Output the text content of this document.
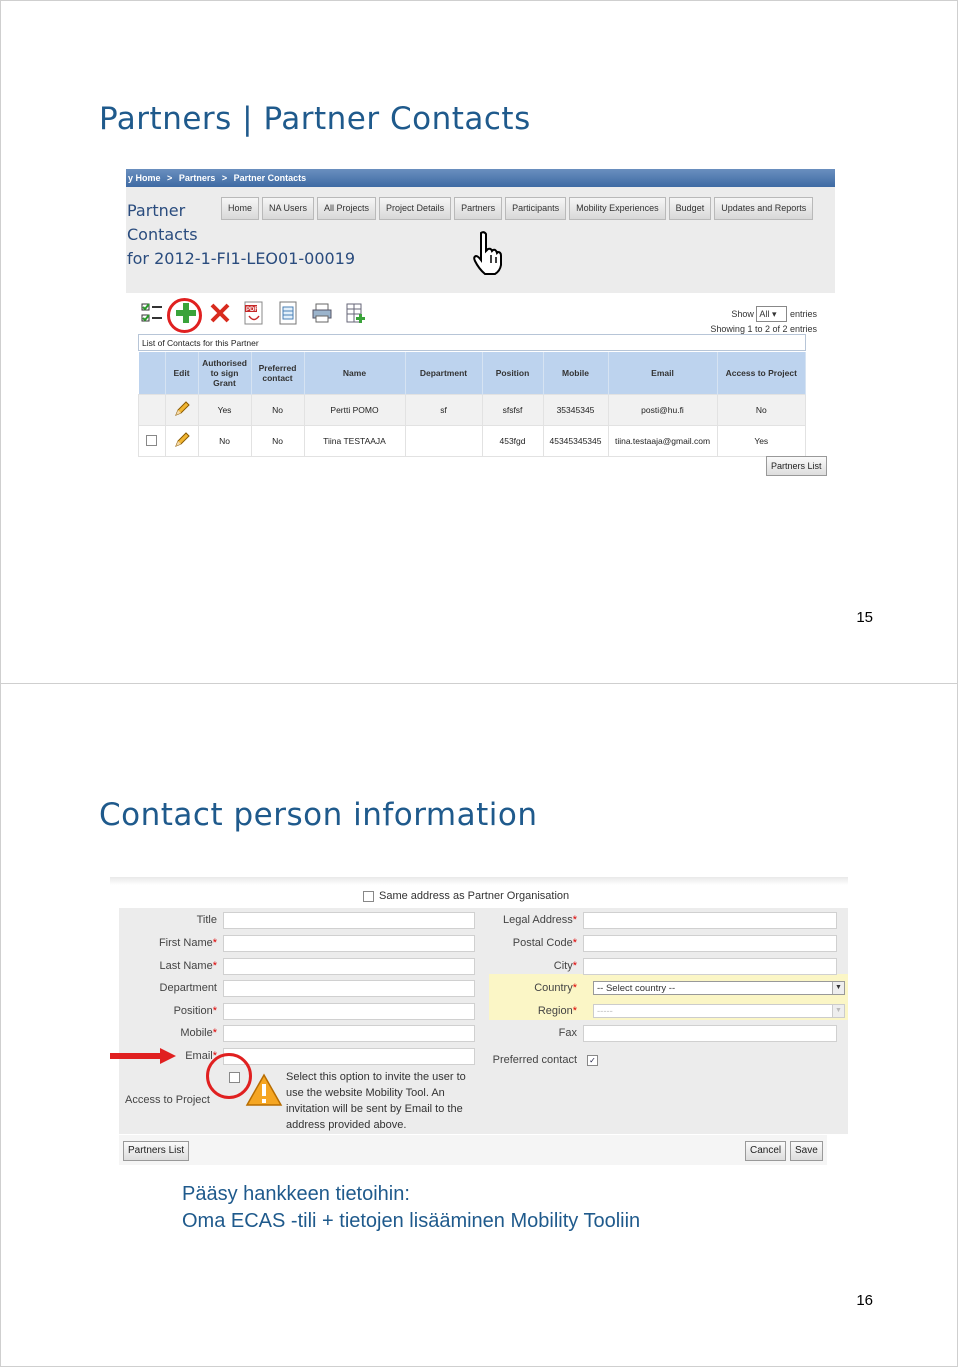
Partners | Partner Contacts
y Home > Partners > Partner Contacts
Partner
Contacts
for 2012-1-FI1-LEO01-00019
Home	NA Users	All Projects	Project Details	Partners	Participants	Mobility Experiences	Budget	Updates and Reports
PDF	Show All ▾ entries
Showing 1 to 2 of 2 entries
List of Contacts for this Partner
	Edit	Authorised to sign Grant	Preferred contact	Name	Department	Position	Mobile	Email	Access to Project
		Yes	No	Pertti POMO	sf	sfsfsf	35345345	posti@hu.fi	No
		No	No	Tiina TESTAAJA		453fgd	45345345345	tiina.testaaja@gmail.com	Yes
Partners List
15
Contact person information
16
Same address as Partner Organisation
Title
First Name*
Last Name*
Department
Position*
Mobile*
Email*
Access to Project
Legal Address*
Postal Code*
City*
Country*	-- Select country --	▼
Region*	-----	▼
Fax
Preferred contact ✓
Select this option to invite the user to use the website Mobility Tool. An invitation will be sent by Email to the address provided above.
Partners List	Cancel	Save
Pääsy hankkeen tietoihin:
Oma ECAS -tili + tietojen lisääminen Mobility Tooliin
